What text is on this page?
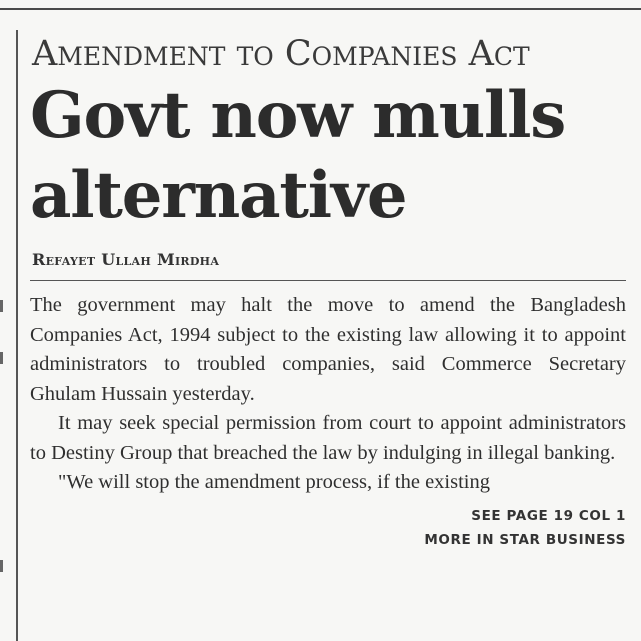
Amendment to Companies Act
Govt now mulls
alternative
Refayet Ullah Mirdha

The government may halt the move to amend the Bangladesh Companies Act, 1994 subject to the existing law allowing it to appoint administrators to troubled companies, said Commerce Secretary Ghulam Hussain yesterday.

It may seek special permission from court to appoint administrators to Destiny Group that breached the law by indulging in illegal banking.

"We will stop the amendment process, if the existing

SEE PAGE 19 COL 1
MORE IN STAR BUSINESS
